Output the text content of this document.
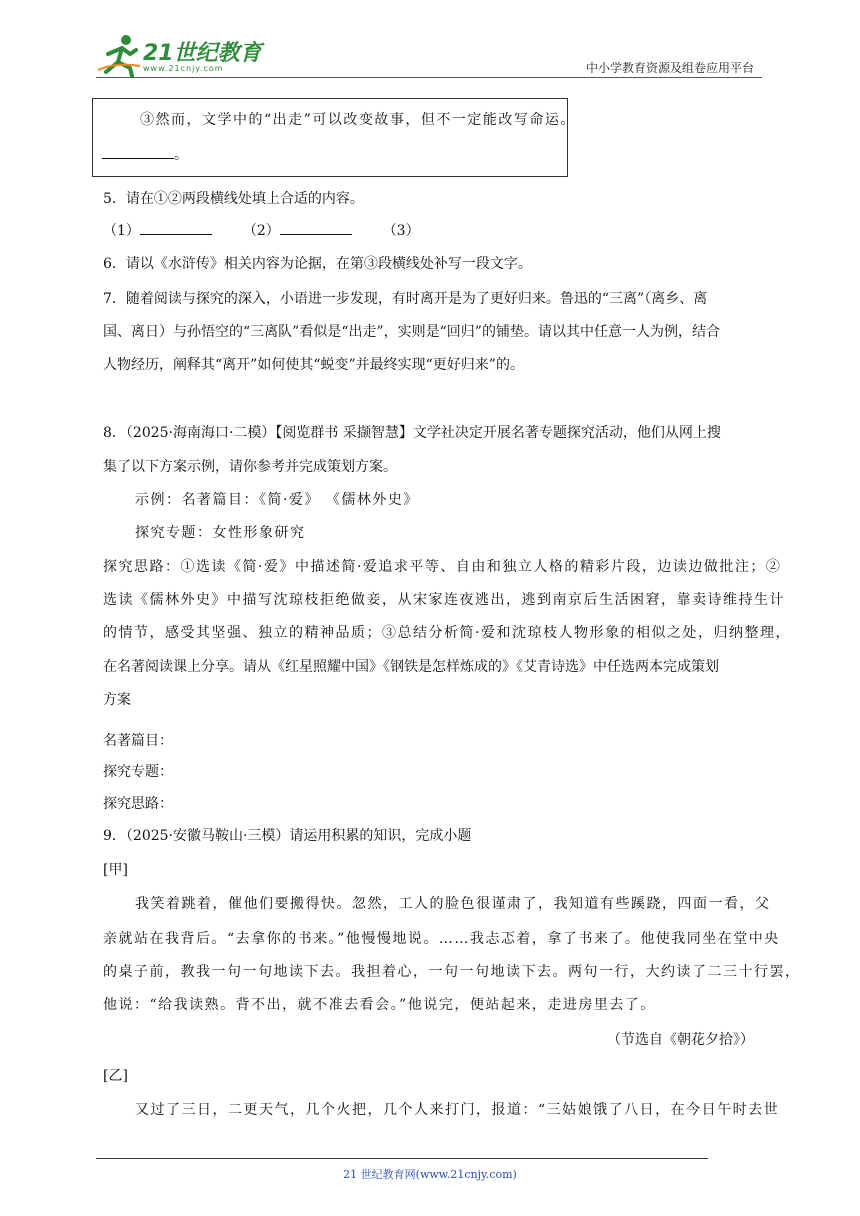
21世纪教育
www.21cnjy.com	中小学教育资源及组卷应用平台
③然而，文学中的“出走”可以改变故事，但不一定能改写命运。
。
5．请在①②两段横线处填上合适的内容。
（1）	（2）	（3）
6．请以《水浒传》相关内容为论据，在第③段横线处补写一段文字。
7．随着阅读与探究的深入，小语进一步发现，有时离开是为了更好归来。鲁迅的“三离”（离乡、离
国、离日）与孙悟空的“三离队”看似是“出走”，实则是“回归”的铺垫。请以其中任意一人为例，结合
人物经历，阐释其“离开”如何使其“蜕变”并最终实现“更好归来”的。
8．（2025·海南海口·二模）【阅览群书 采撷智慧】文学社决定开展名著专题探究活动，他们从网上搜
集了以下方案示例，请你参考并完成策划方案。
示例：名著篇目：《简·爱》 《儒林外史》
探究专题：女性形象研究
探究思路：①选读《简·爱》中描述简·爱追求平等、自由和独立人格的精彩片段，边读边做批注；②
选读《儒林外史》中描写沈琼枝拒绝做妾，从宋家连夜逃出，逃到南京后生活困窘，靠卖诗维持生计
的情节，感受其坚强、独立的精神品质；③总结分析简·爱和沈琼枝人物形象的相似之处，归纳整理，
在名著阅读课上分享。请从《红星照耀中国》《钢铁是怎样炼成的》《艾青诗选》中任选两本完成策划
方案
名著篇目：
探究专题：
探究思路：
9．（2025·安徽马鞍山·三模）请运用积累的知识，完成小题
[甲]
我笑着跳着，催他们要搬得快。忽然，工人的脸色很谨肃了，我知道有些蹊跷，四面一看，父
亲就站在我背后。“去拿你的书来。”他慢慢地说。……我忐忑着，拿了书来了。他使我同坐在堂中央
的桌子前，教我一句一句地读下去。我担着心，一句一句地读下去。两句一行，大约读了二三十行罢，
他说：“给我读熟。背不出，就不准去看会。”他说完，便站起来，走进房里去了。
（节选自《朝花夕拾》）
[乙]
又过了三日，二更天气，几个火把，几个人来打门，报道：“三姑娘饿了八日，在今日午时去世
21 世纪教育网(www.21cnjy.com)
